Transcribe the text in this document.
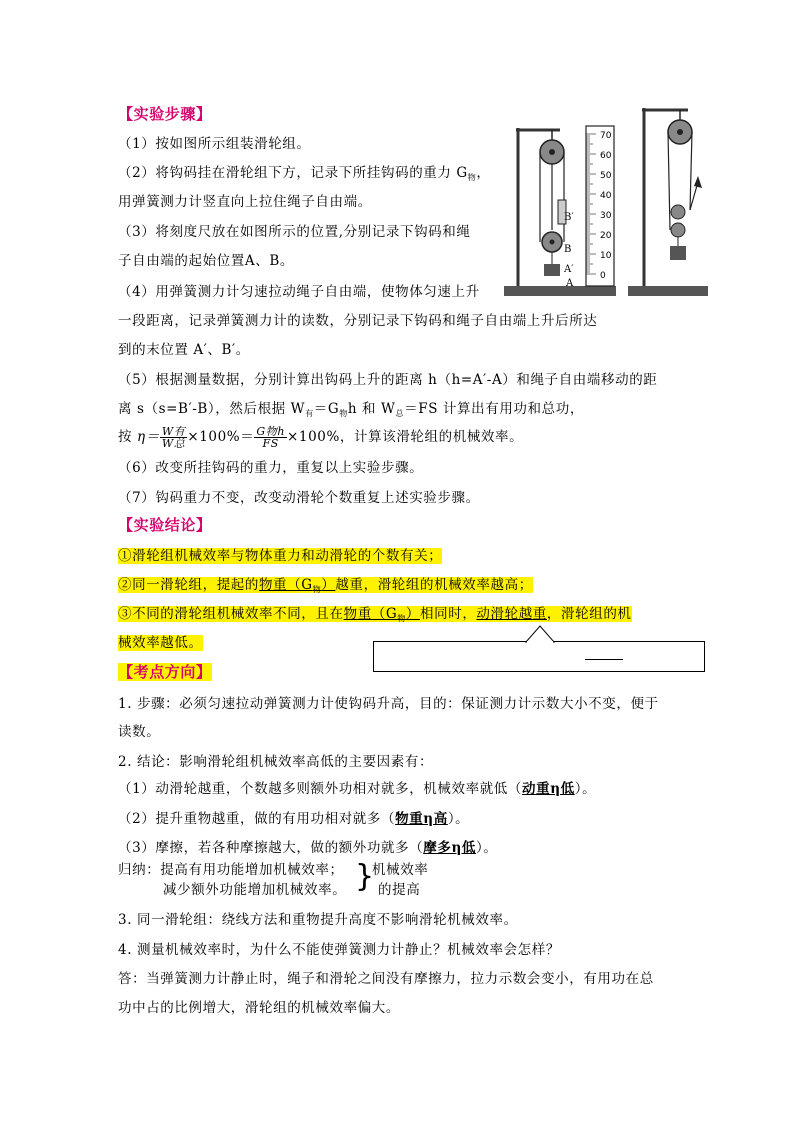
【实验步骤】
（1）按如图所示组装滑轮组。
（2）将钩码挂在滑轮组下方，记录下所挂钩码的重力 $G_物$，
用弹簧测力计竖直向上拉住绳子自由端。
（3）将刻度尺放在如图所示的位置,分别记录下钩码和绳
子自由端的起始位置A、B。
（4）用弹簧测力计匀速拉动绳子自由端，使物体匀速上升
一段距离，记录弹簧测力计的读数，分别记录下钩码和绳子自由端上升后所达
到的末位置 A′、B′。
（5）根据测量数据，分别计算出钩码上升的距离 h（h=A′-A）和绳子自由端移动的距
离 s（s=B′-B），然后根据 $W_有=G_物h$ 和 $W_总=FS$ 计算出有用功和总功，
按 $\eta= \frac{\text{W有}}{\text{W总}} \times 100\%= \frac{\text{G物h}}{FS} \times 100\%$，计算该滑轮组的机械效率。
（6）改变所挂钩码的重力，重复以上实验步骤。
（7）钩码重力不变，改变动滑轮个数重复上述实验步骤。
【实验结论】
①滑轮组机械效率与物体重力和动滑轮的个数有关；
②同一滑轮组，提起的物重$(G_物)$越重，滑轮组的机械效率越高；
③不同的滑轮组机械效率不同，且在物重$(G_物)$相同时，动滑轮越重，滑轮组的机
械效率越低。
【考点方向】
1. 步骤：必须匀速拉动弹簧测力计使钩码升高，目的：保证测力计示数大小不变，便于
读数。
2. 结论：影响滑轮组机械效率高低的主要因素有：
（1）动滑轮越重，个数越多则额外功相对就多，机械效率就低（动重η低）。
（2）提升重物越重，做的有用功相对就多（物重η高）。
（3）摩擦，若各种摩擦越大，做的额外功就多（摩多η低）。
归纳：提高有用功能增加机械效率；
减少额外功能增加机械效率。 }
机械效率
的提高
3. 同一滑轮组：绕线方法和重物提升高度不影响滑轮机械效率。
4. 测量机械效率时，为什么不能使弹簧测力计静止？机械效率会怎样？
答：当弹簧测力计静止时，绳子和滑轮之间没有摩擦力，拉力示数会变小，有用功在总
功中占的比例增大，滑轮组的机械效率偏大。
70
60
50
40
30
20
10
0
B′
B
A′
A
